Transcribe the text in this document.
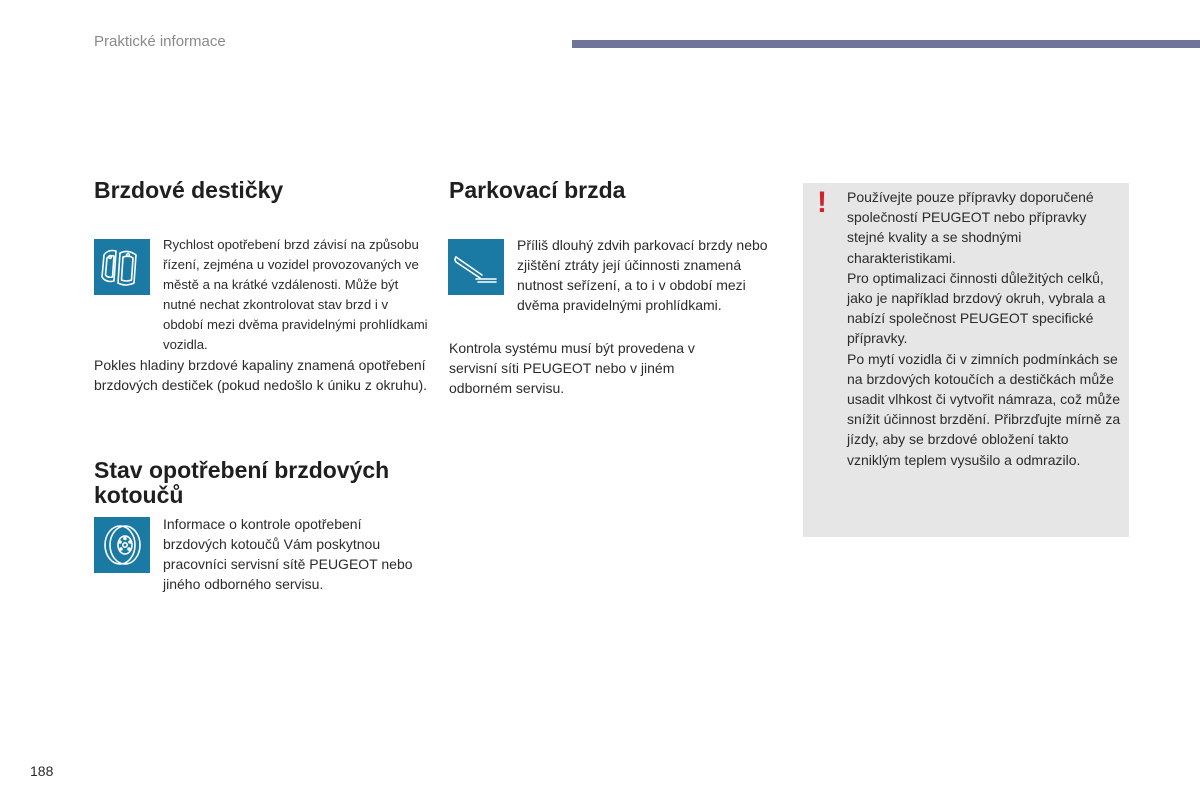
Praktické informace
Brzdové destičky
Rychlost opotřebení brzd závisí na způsobu řízení, zejména u vozidel provozovaných ve městě a na krátké vzdálenosti. Může být nutné nechat zkontrolovat stav brzd i v období mezi dvěma pravidelnými prohlídkami vozidla.
Pokles hladiny brzdové kapaliny znamená opotřebení brzdových destiček (pokud nedošlo k úniku z okruhu).
Parkovací brzda
Příliš dlouhý zdvih parkovací brzdy nebo zjištění ztráty její účinnosti znamená nutnost seřízení, a to i v období mezi dvěma pravidelnými prohlídkami.
Kontrola systému musí být provedena v servisní síti PEUGEOT nebo v jiném odborném servisu.
Stav opotřebení brzdových kotoučů
Informace o kontrole opotřebení brzdových kotoučů Vám poskytnou pracovníci servisní sítě PEUGEOT nebo jiného odborného servisu.
! Používejte pouze přípravky doporučené společností PEUGEOT nebo přípravky stejné kvality a se shodnými charakteristikami.
Pro optimalizaci činnosti důležitých celků, jako je například brzdový okruh, vybrala a nabízí společnost PEUGEOT specifické přípravky.
Po mytí vozidla či v zimních podmínkách se na brzdových kotoučích a destičkách může usadit vlhkost či vytvořit námraza, což může snížit účinnost brzdění. Přibrzďujte mírně za jízdy, aby se brzdové obložení takto vzniklým teplem vysušilo a odmrazilo.
188
